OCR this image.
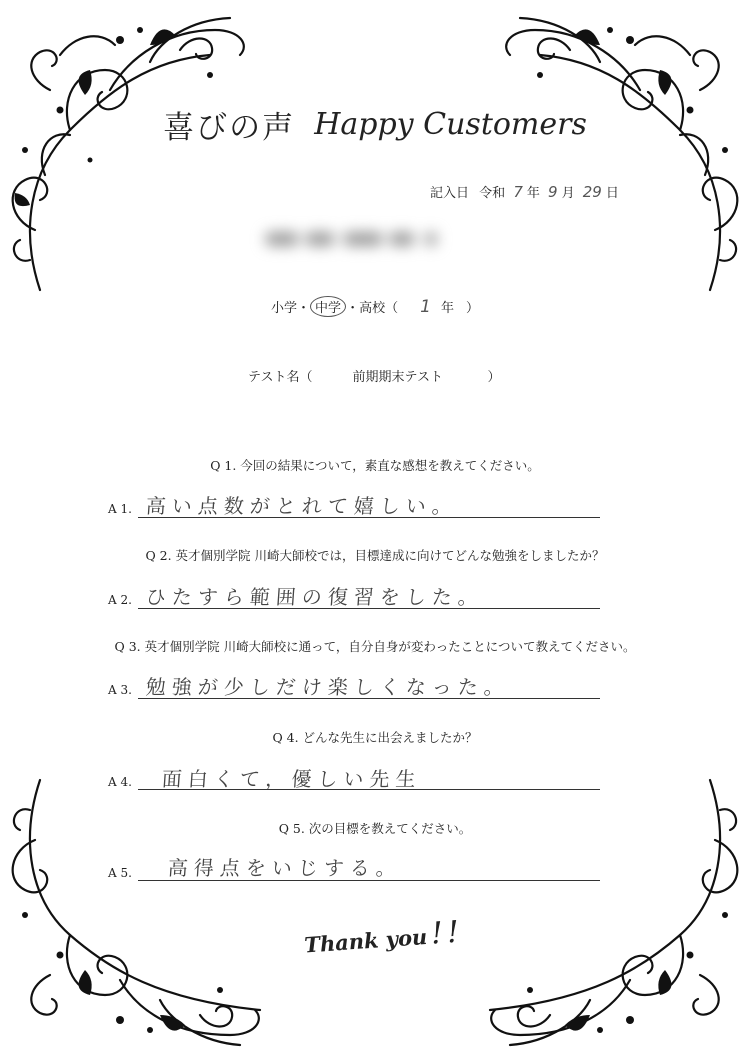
喜びの声 Happy Customers
記入日 令和 7 年 9 月 29 日
小学・ 中学 ・高校（ 1 年 ）
テスト名（	前期期末テスト	）
Q 1. 今回の結果について，素直な感想を教えてください。
A 1. 高い点数がとれて嬉しい。
Q 2. 英才個別学院 川崎大師校では，目標達成に向けてどんな勉強をしましたか？
A 2. ひたすら範囲の復習をした。
Q 3. 英才個別学院 川崎大師校に通って，自分自身が変わったことについて教えてください。
A 3. 勉強が少しだけ楽しくなった。
Q 4. どんな先生に出会えましたか？
A 4. 面白くて，優しい先生
Q 5. 次の目標を教えてください。
A 5. 高得点をいじする。
Thank you!!
